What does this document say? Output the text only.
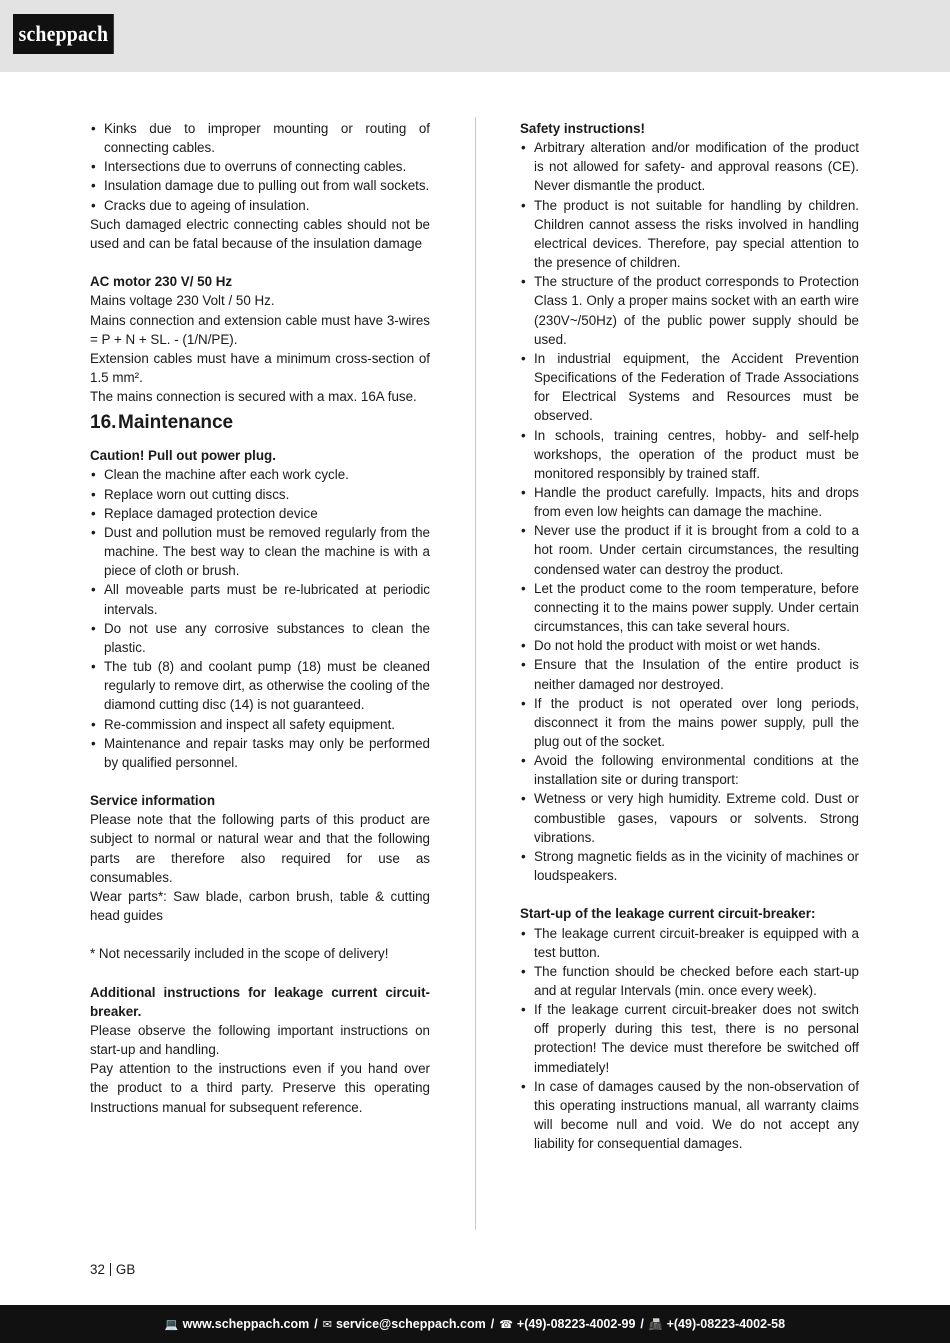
scheppach
• Kinks due to improper mounting or routing of connecting cables.
• Intersections due to overruns of connecting cables.
• Insulation damage due to pulling out from wall sockets.
• Cracks due to ageing of insulation.

Such damaged electric connecting cables should not be used and can be fatal because of the insulation damage

AC motor 230 V/ 50 Hz

Mains voltage 230 Volt / 50 Hz.

Mains connection and extension cable must have 3-wires = P + N + SL. - (1/N/PE).

Extension cables must have a minimum cross-section of 1.5 mm².

The mains connection is secured with a max. 16A fuse.

16.Maintenance

Caution! Pull out power plug.

• Clean the machine after each work cycle.
• Replace worn out cutting discs.
• Replace damaged protection device
• Dust and pollution must be removed regularly from the machine. The best way to clean the machine is with a piece of cloth or brush.
• All moveable parts must be re-lubricated at periodic intervals.
• Do not use any corrosive substances to clean the plastic.
• The tub (8) and coolant pump (18) must be cleaned regularly to remove dirt, as otherwise the cooling of the diamond cutting disc (14) is not guaranteed.
• Re-commission and inspect all safety equipment.
• Maintenance and repair tasks may only be performed by qualified personnel.

Service information

Please note that the following parts of this product are subject to normal or natural wear and that the following parts are therefore also required for use as consumables.

Wear parts*: Saw blade, carbon brush, table & cutting head guides

* Not necessarily included in the scope of delivery!

Additional instructions for leakage current circuit-breaker.

Please observe the following important instructions on start-up and handling.

Pay attention to the instructions even if you hand over the product to a third party. Preserve this operating Instructions manual for subsequent reference.

Safety instructions!

• Arbitrary alteration and/or modification of the product is not allowed for safety- and approval reasons (CE). Never dismantle the product.
• The product is not suitable for handling by children. Children cannot assess the risks involved in handling electrical devices. Therefore, pay special attention to the presence of children.
• The structure of the product corresponds to Protection Class 1. Only a proper mains socket with an earth wire (230V~/50Hz) of the public power supply should be used.
• In industrial equipment, the Accident Prevention Specifications of the Federation of Trade Associations for Electrical Systems and Resources must be observed.
• In schools, training centres, hobby- and self-help workshops, the operation of the product must be monitored responsibly by trained staff.
• Handle the product carefully. Impacts, hits and drops from even low heights can damage the machine.
• Never use the product if it is brought from a cold to a hot room. Under certain circumstances, the resulting condensed water can destroy the product.
• Let the product come to the room temperature, before connecting it to the mains power supply. Under certain circumstances, this can take several hours.
• Do not hold the product with moist or wet hands.
• Ensure that the Insulation of the entire product is neither damaged nor destroyed.
• If the product is not operated over long periods, disconnect it from the mains power supply, pull the plug out of the socket.
• Avoid the following environmental conditions at the installation site or during transport:
• Wetness or very high humidity. Extreme cold. Dust or combustible gases, vapours or solvents. Strong vibrations.
• Strong magnetic fields as in the vicinity of machines or loudspeakers.

Start-up of the leakage current circuit-breaker:

• The leakage current circuit-breaker is equipped with a test button.
• The function should be checked before each start-up and at regular Intervals (min. once every week).
• If the leakage current circuit-breaker does not switch off properly during this test, there is no personal protection! The device must therefore be switched off immediately!
• In case of damages caused by the non-observation of this operating instructions manual, all warranty claims will become null and void. We do not accept any liability for consequential damages.
32 GB
💻 www.scheppach.com / ✉ service@scheppach.com / ☎ +(49)-08223-4002-99 / 📠 +(49)-08223-4002-58
